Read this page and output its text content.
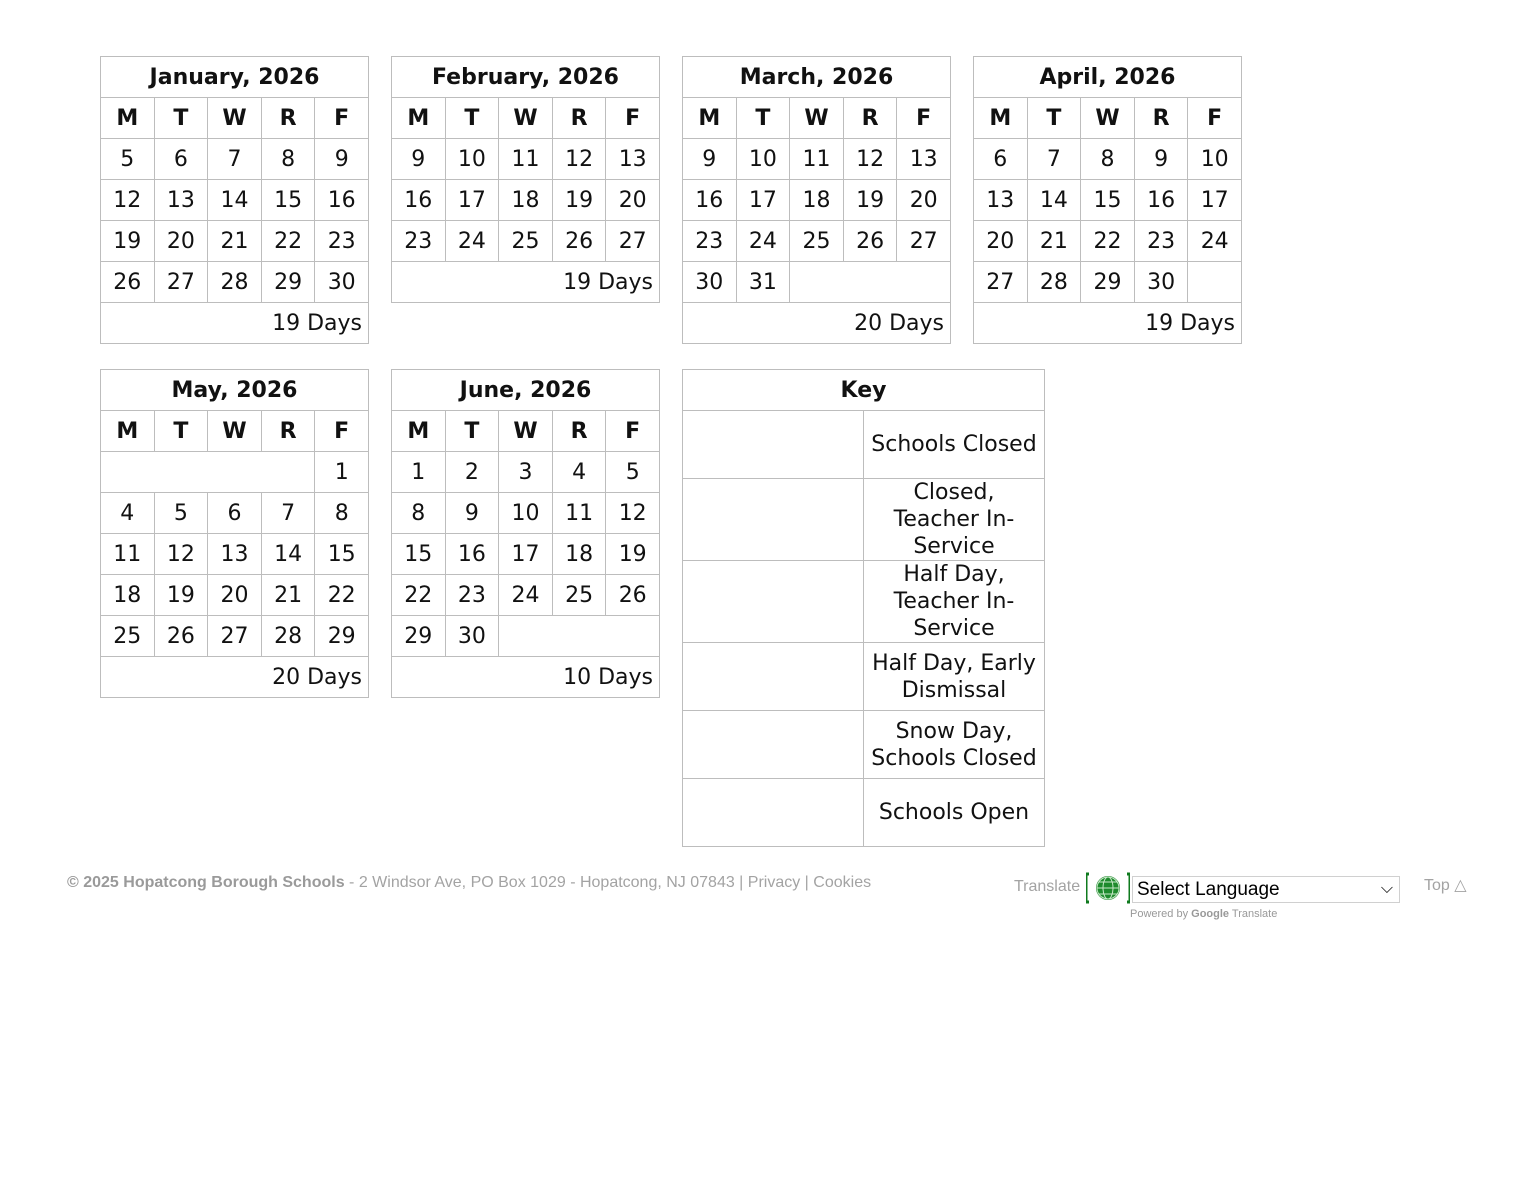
January, 2026				
M	T	W	R	F
5	6	7	8	9
12	13	14	15	16
19	20	21	22	23
26	27	28	29	30
19 Days				
February, 2026				
M	T	W	R	F
9	10	11	12	13
16	17	18	19	20
23	24	25	26	27
19 Days				
March, 2026				
M	T	W	R	F
9	10	11	12	13
16	17	18	19	20
23	24	25	26	27
30	31			
20 Days				
April, 2026				
M	T	W	R	F
6	7	8	9	10
13	14	15	16	17
20	21	22	23	24
27	28	29	30	
19 Days				
May, 2026				
M	T	W	R	F
				1
4	5	6	7	8
11	12	13	14	15
18	19	20	21	22
25	26	27	28	29
20 Days				
June, 2026				
M	T	W	R	F
1	2	3	4	5
8	9	10	11	12
15	16	17	18	19
22	23	24	25	26
29	30			
10 Days				
Key	
	Schools Closed
	Closed, Teacher In-Service
	Half Day, Teacher In-Service
	Half Day, Early Dismissal
	Snow Day, Schools Closed
	Schools Open
© 2025 Hopatcong Borough Schools - 2 Windsor Ave, PO Box 1029 - Hopatcong, NJ 07843 | Privacy | Cookies	Translate	Select Language	⌵
Powered by Google Translate
Top △
